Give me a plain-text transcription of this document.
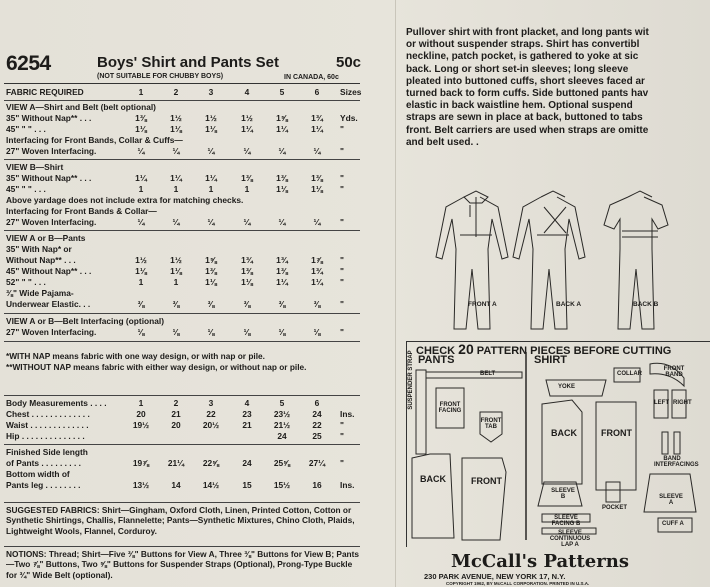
6254	Boys' Shirt and Pants Set	50c
(NOT SUITABLE FOR CHUBBY BOYS)	IN CANADA, 60c
FABRIC REQUIRED	1	2	3	4	5	6	Sizes
VIEW A—Shirt and Belt (belt optional)
35" Without Nap** . . .	1⅜	1½	1½	1½	1⅝	1¾	Yds.
45" " " . . .	1⅛	1⅛	1⅛	1¼	1¼	1¼	"
Interfacing for Front Bands, Collar & Cuffs—
27" Woven Interfacing.	¼	¼	¼	¼	¼	¼	"
VIEW B—Shirt
35" Without Nap** . . .	1¼	1¼	1¼	1⅜	1⅜	1⅜	"
45" " " . . .	1	1	1	1	1⅛	1⅛	"
Above yardage does not include extra for matching checks.
Interfacing for Front Bands & Collar—
27" Woven Interfacing.	¼	¼	¼	¼	¼	¼	"
VIEW A or B—Pants
35" With Nap* or
Without Nap** . . .	1½	1½	1⅝	1¾	1¾	1⅞	"
45" Without Nap** . . .	1⅛	1⅛	1⅜	1⅜	1⅜	1¾	"
52" " " . . .	1	1	1⅛	1⅛	1¼	1¼	"
⅜" Wide Pajama-
Underwear Elastic. . .	⅜	⅜	⅜	⅜	⅜	⅜	"
VIEW A or B—Belt Interfacing (optional)
27" Woven Interfacing.	⅛	⅛	⅛	⅛	⅛	⅛	"
*WITH NAP means fabric with one way design, or with nap or pile.
**WITHOUT NAP means fabric with either way design, or without nap or pile.
Body Measurements . . . .	1	2	3	4	5	6
Chest . . . . . . . . . . . . .	20	21	22	23	23½	24	Ins.
Waist . . . . . . . . . . . . .	19½	20	20½	21	21½	22	"
Hip . . . . . . . . . . . . . .	24	25	"
Finished Side length
of Pants . . . . . . . . .	19⅞	21¼	22⅝	24	25⅝	27¼	"
Bottom width of
Pants leg . . . . . . . .	13½	14	14½	15	15½	16	Ins.
SUGGESTED FABRICS: Shirt—Gingham, Oxford Cloth, Linen, Printed Cotton, Cotton or Synthetic Shirtings, Challis, Flannelette; Pants—Synthetic Mixtures, Chino Cloth, Plaids, Lightweight Wools, Flannel, Corduroy.
NOTIONS: Thread; Shirt—Five ⅜" Buttons for View A, Three ⅜" Buttons for View B; Pants—Two ⅞" Buttons, Two ⅝" Buttons for Suspender Straps (Optional), Prong-Type Buckle for ¾" Wide Belt (optional).
Pullover shirt with front placket, and long pants wit
or without suspender straps. Shirt has convertibl
neckline, patch pocket, is gathered to yoke at sic
back. Long or short set-in sleeves; long sleeve
pleated into buttoned cuffs, short sleeves faced ar
turned back to form cuffs. Side buttoned pants hav
elastic in back waistline hem. Optional suspend
straps are sewn in place at back, buttoned to tabs
front. Belt carriers are used when straps are omitte
and belt used. .
FRONT A	BACK A	BACK B
CHECK 20 PATTERN PIECES BEFORE CUTTING
PANTS	SHIRT
BELT
SUSPENDER STRAP	FRONT FACING
FRONT TAB
YOKE
COLLAR
FRONT BAND
LEFT RIGHT
BACK	FRONT
BAND INTERFACINGS
BACK	FRONT
SLEEVE B
POCKET
SLEEVE A
SLEEVE FACING B
SLEEVE CONTINUOUS LAP A
CUFF A
McCall's Patterns
230 PARK AVENUE, NEW YORK 17, N.Y.
COPYRIGHT 1962, BY McCALL CORPORATION. PRINTED IN U.S.A.
